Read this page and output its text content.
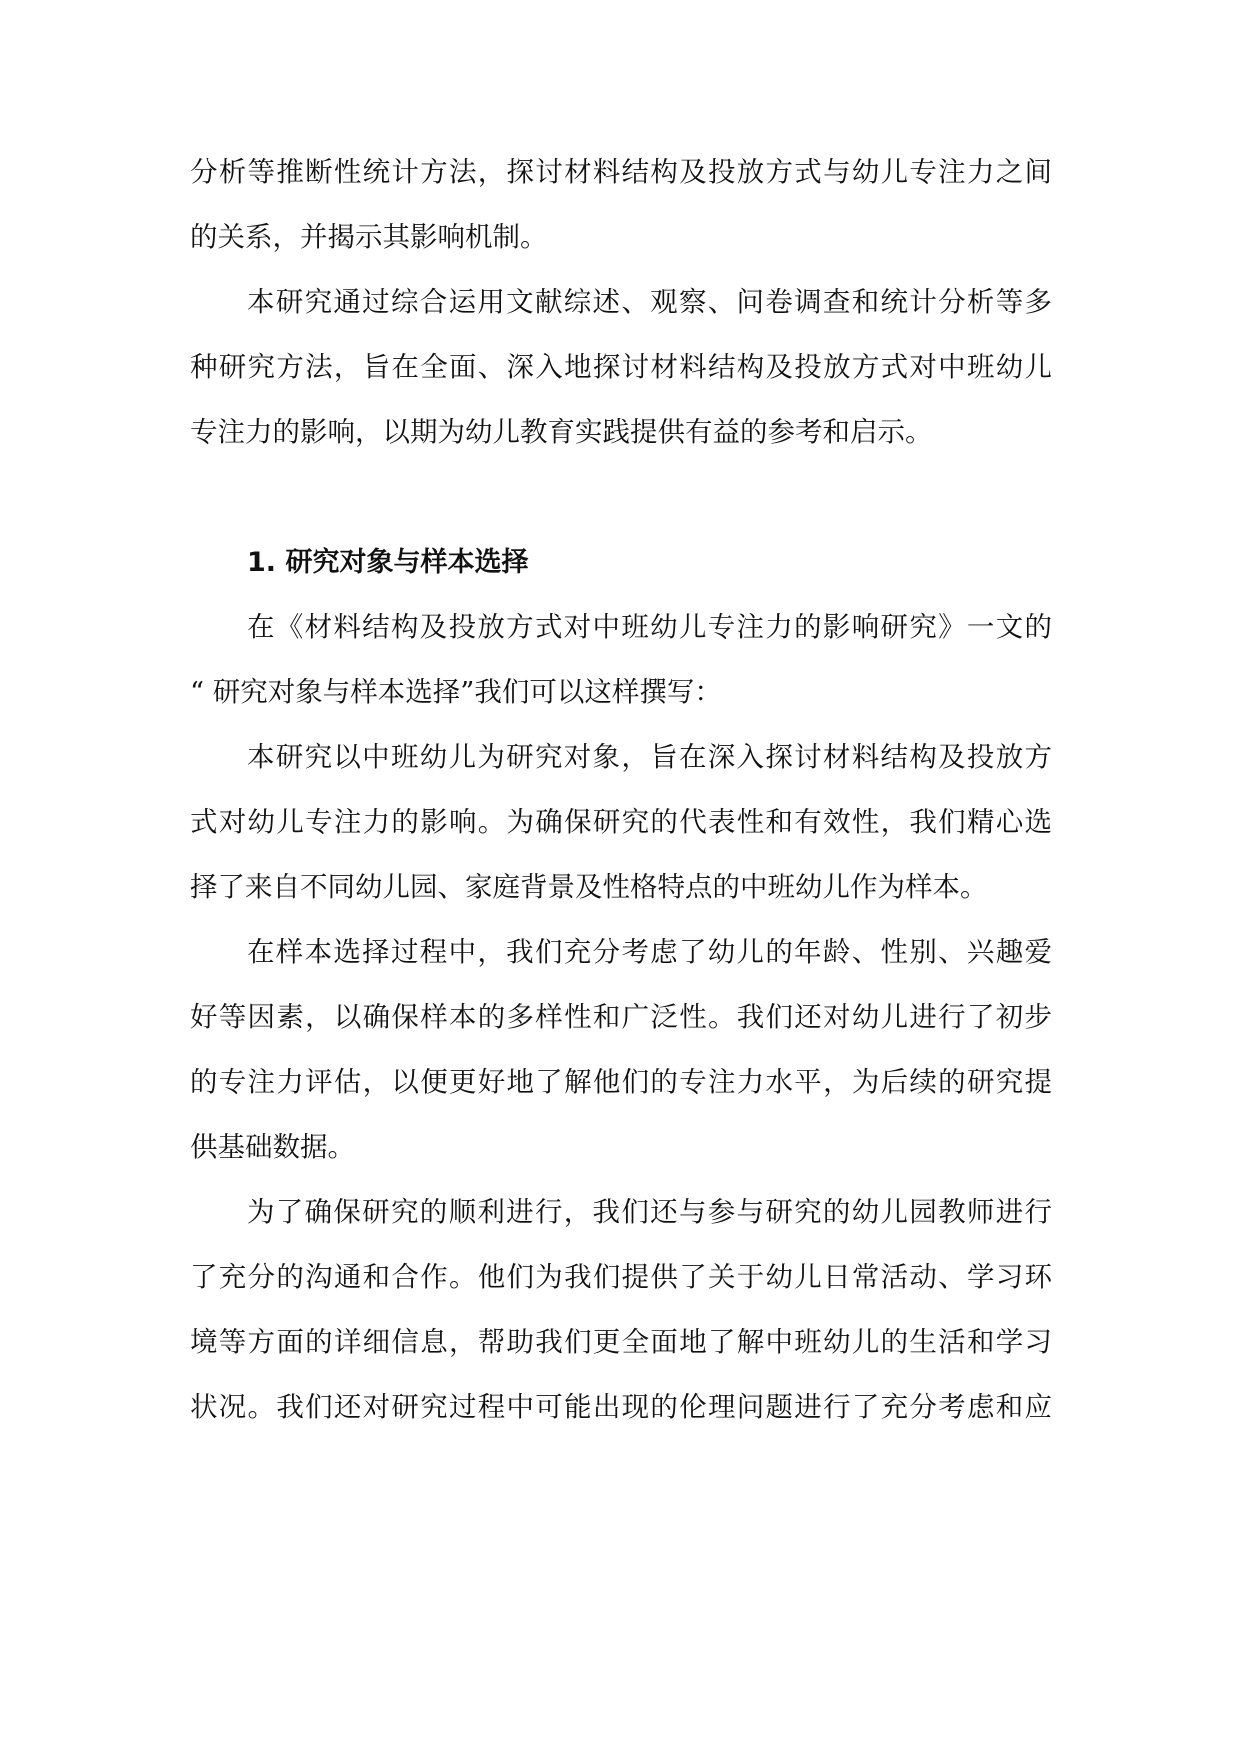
分析等推断性统计方法，探讨材料结构及投放方式与幼儿专注力之间
的关系，并揭示其影响机制。
本研究通过综合运用文献综述、观察、问卷调查和统计分析等多
种研究方法，旨在全面、深入地探讨材料结构及投放方式对中班幼儿
专注力的影响，以期为幼儿教育实践提供有益的参考和启示。
1. 研究对象与样本选择
在《材料结构及投放方式对中班幼儿专注力的影响研究》一文的
“ 研究对象与样本选择”我们可以这样撰写：
本研究以中班幼儿为研究对象，旨在深入探讨材料结构及投放方
式对幼儿专注力的影响。为确保研究的代表性和有效性，我们精心选
择了来自不同幼儿园、家庭背景及性格特点的中班幼儿作为样本。
在样本选择过程中，我们充分考虑了幼儿的年龄、性别、兴趣爱
好等因素，以确保样本的多样性和广泛性。我们还对幼儿进行了初步
的专注力评估，以便更好地了解他们的专注力水平，为后续的研究提
供基础数据。
为了确保研究的顺利进行，我们还与参与研究的幼儿园教师进行
了充分的沟通和合作。他们为我们提供了关于幼儿日常活动、学习环
境等方面的详细信息，帮助我们更全面地了解中班幼儿的生活和学习
状况。我们还对研究过程中可能出现的伦理问题进行了充分考虑和应
